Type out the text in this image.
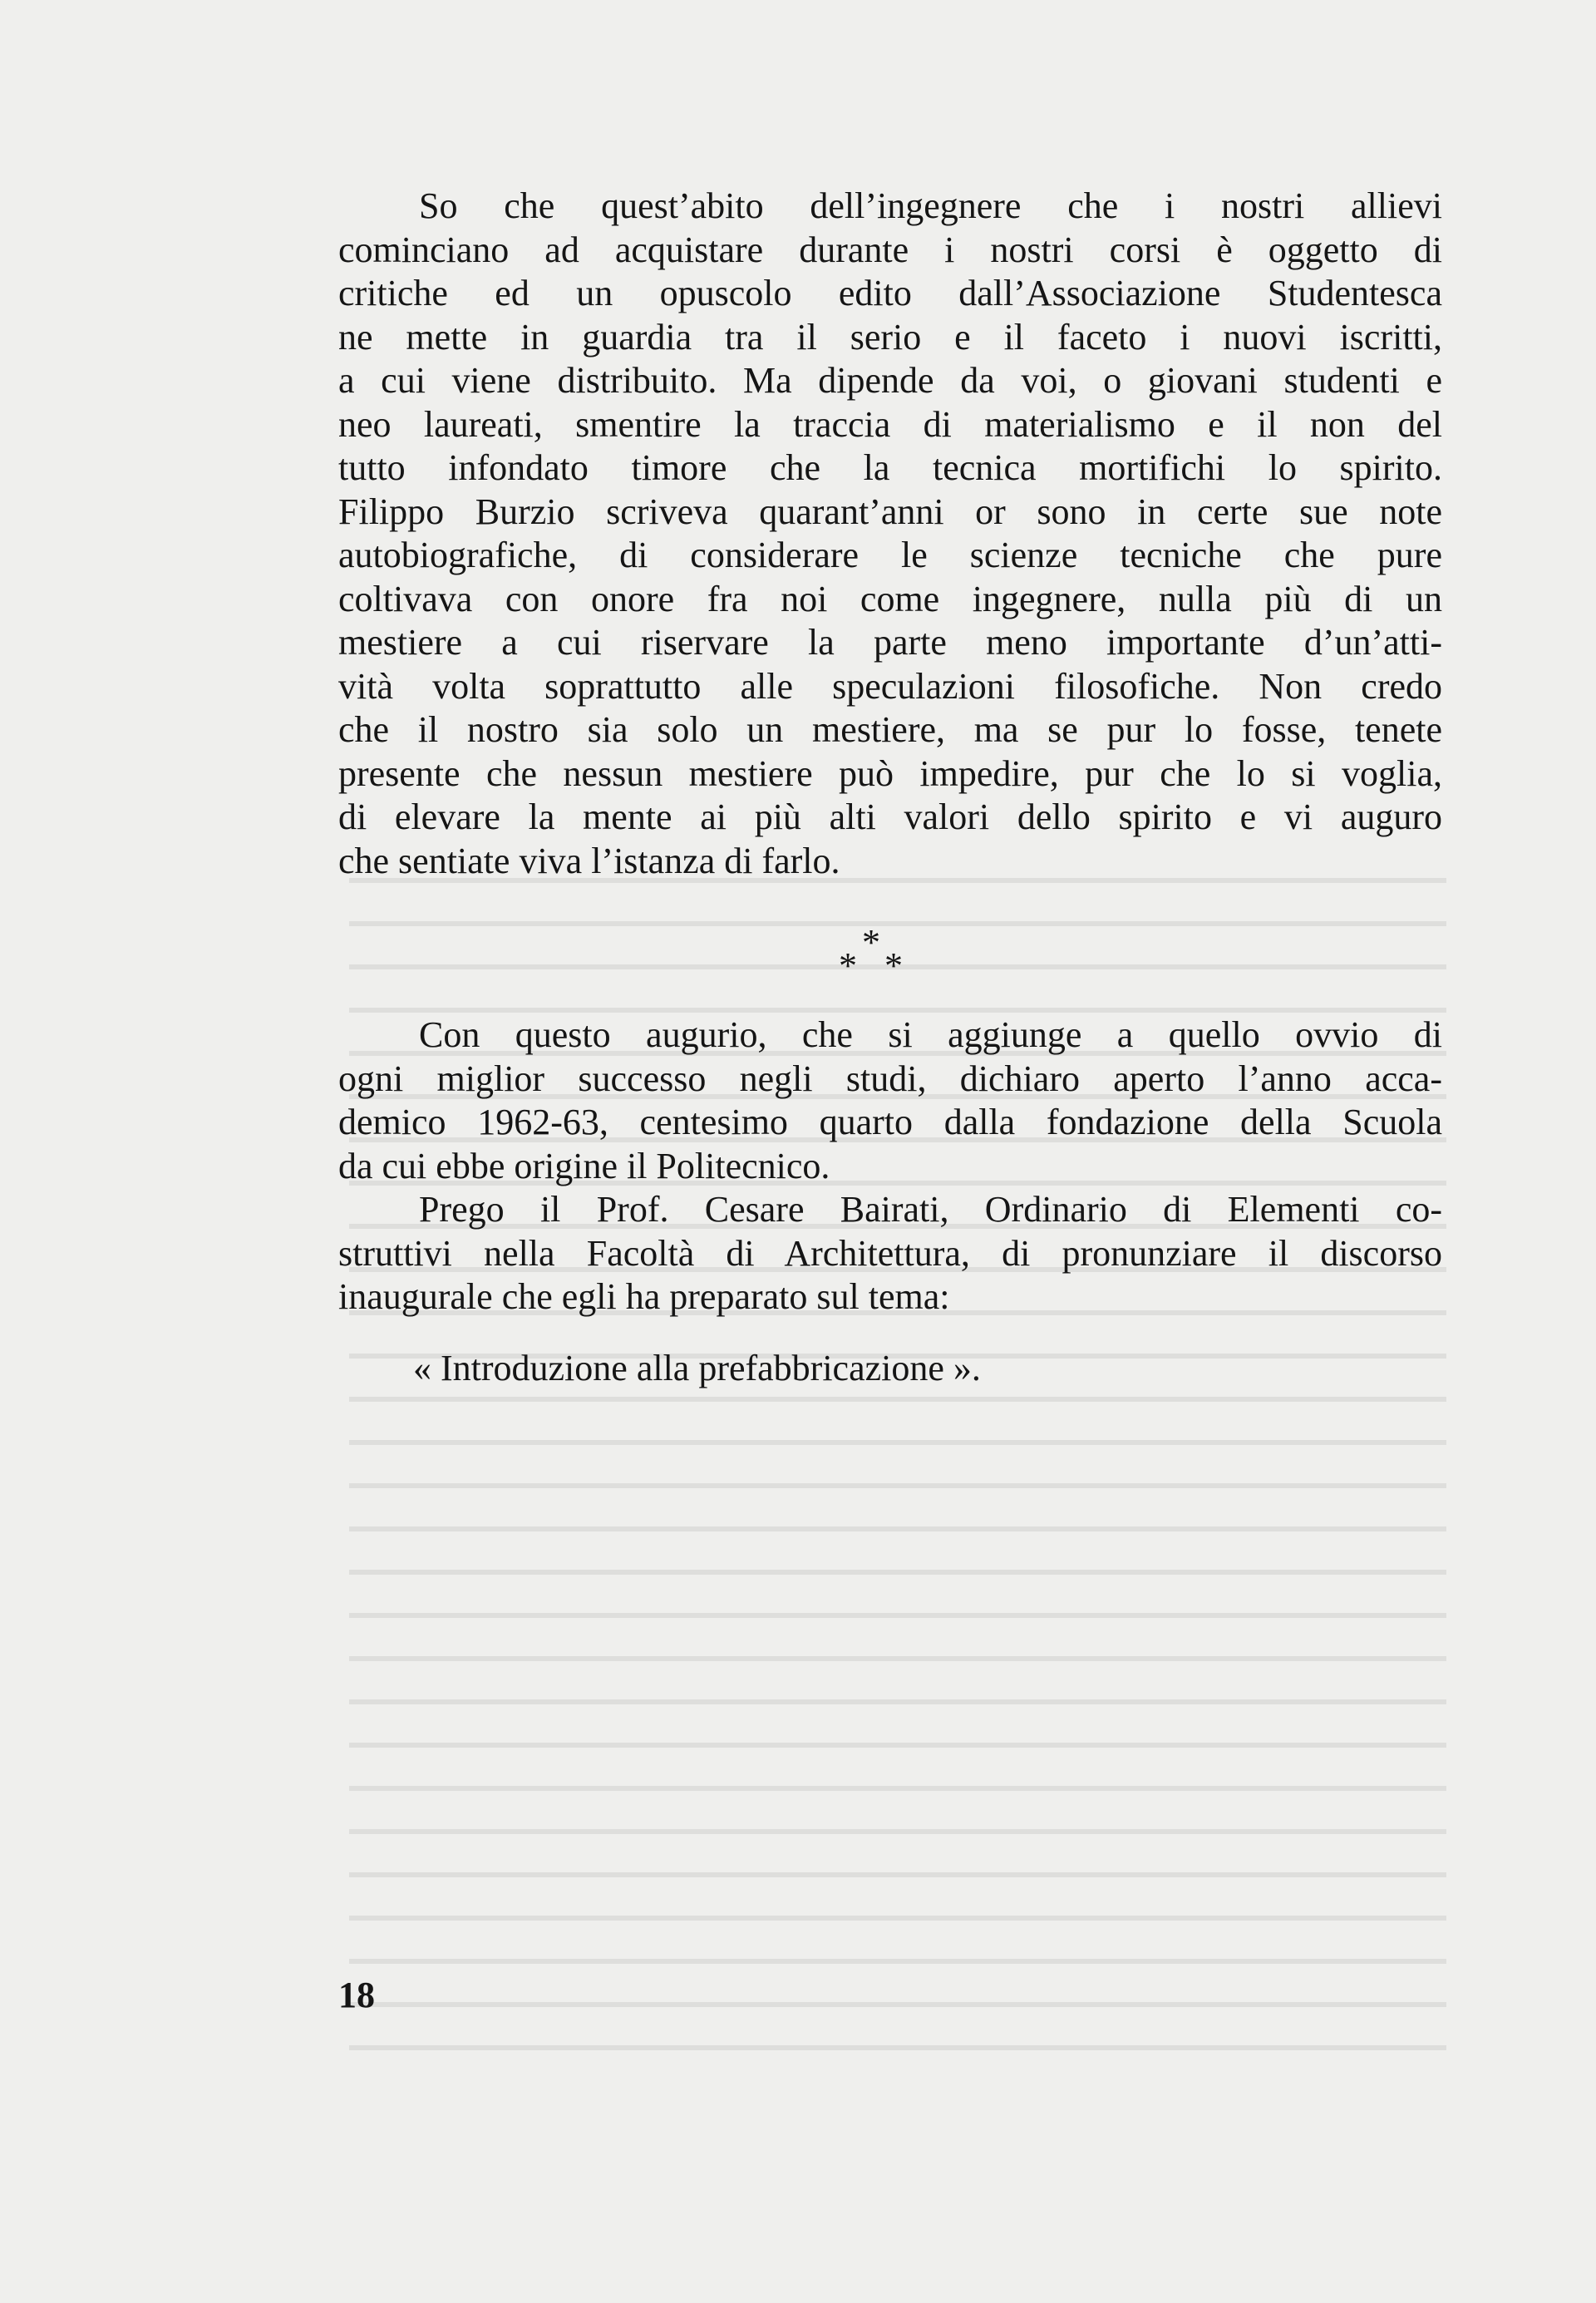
So che quest’abito dell’ingegnere che i nostri allievi
cominciano ad acquistare durante i nostri corsi è oggetto di
critiche ed un opuscolo edito dall’Associazione Studentesca
ne mette in guardia tra il serio e il faceto i nuovi iscritti,
a cui viene distribuito. Ma dipende da voi, o giovani studenti e
neo laureati, smentire la traccia di materialismo e il non del
tutto infondato timore che la tecnica mortifichi lo spirito.
Filippo Burzio scriveva quarant’anni or sono in certe sue note
autobiografiche, di considerare le scienze tecniche che pure
coltivava con onore fra noi come ingegnere, nulla più di un
mestiere a cui riservare la parte meno importante d’un’atti-
vità volta soprattutto alle speculazioni filosofiche. Non credo
che il nostro sia solo un mestiere, ma se pur lo fosse, tenete
presente che nessun mestiere può impedire, pur che lo si voglia,
di elevare la mente ai più alti valori dello spirito e vi auguro
che sentiate viva l’istanza di farlo.

*
* *

Con questo augurio, che si aggiunge a quello ovvio di
ogni miglior successo negli studi, dichiaro aperto l’anno acca-
demico 1962-63, centesimo quarto dalla fondazione della Scuola
da cui ebbe origine il Politecnico.

Prego il Prof. Cesare Bairati, Ordinario di Elementi co-
struttivi nella Facoltà di Architettura, di pronunziare il discorso
inaugurale che egli ha preparato sul tema:

« Introduzione alla prefabbricazione ».
18
